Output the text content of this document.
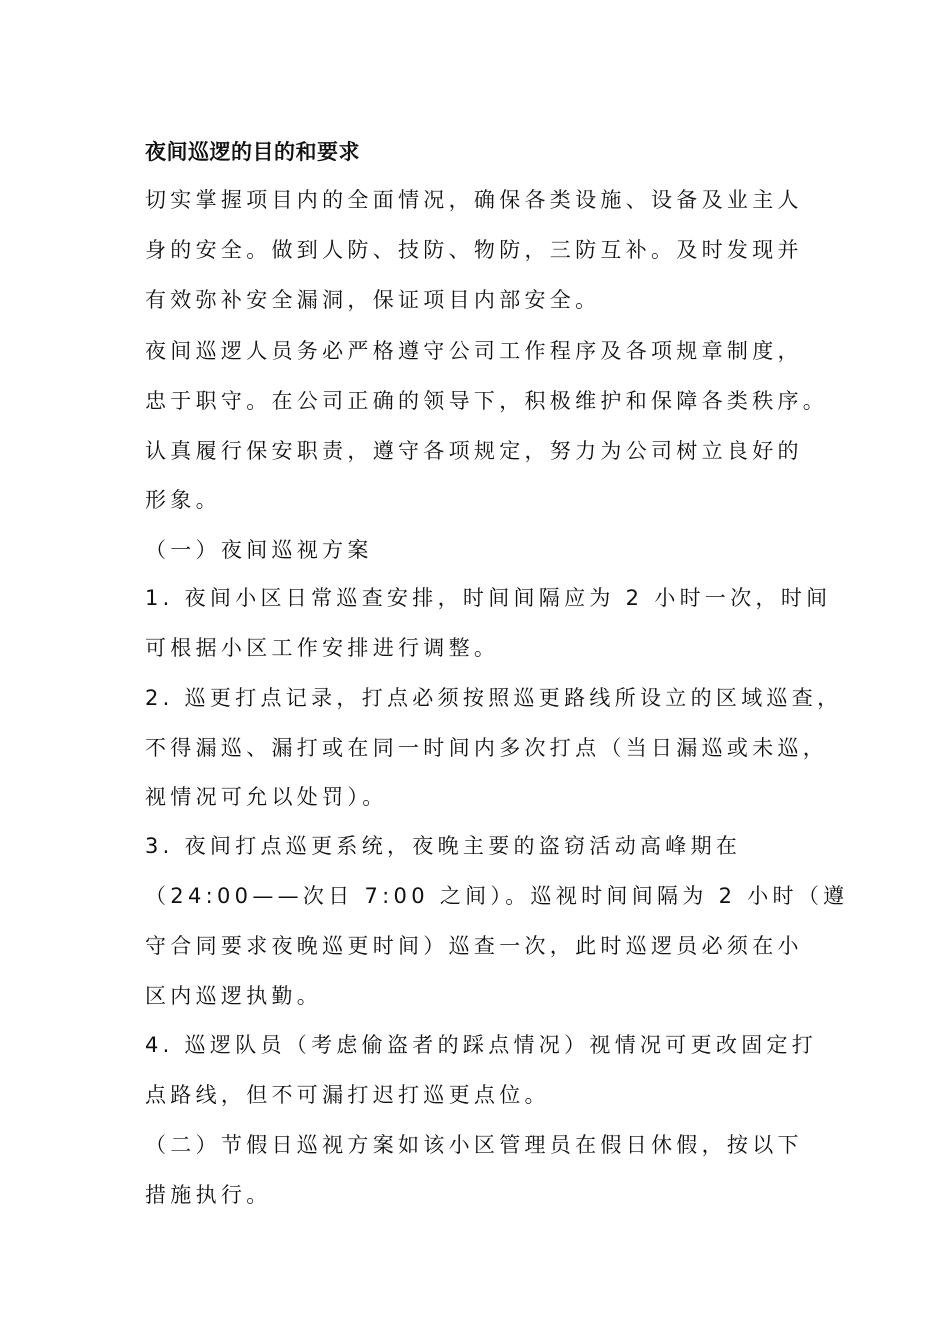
夜间巡逻的目的和要求

切实掌握项目内的全面情况，确保各类设施、设备及业主人

身的安全。做到人防、技防、物防，三防互补。及时发现并

有效弥补安全漏洞，保证项目内部安全。

夜间巡逻人员务必严格遵守公司工作程序及各项规章制度，

忠于职守。在公司正确的领导下，积极维护和保障各类秩序。

认真履行保安职责，遵守各项规定，努力为公司树立良好的

形象。

（一）夜间巡视方案

1. 夜间小区日常巡查安排，时间间隔应为 2 小时一次，时间

可根据小区工作安排进行调整。

2. 巡更打点记录，打点必须按照巡更路线所设立的区域巡查，

不得漏巡、漏打或在同一时间内多次打点（当日漏巡或未巡，

视情况可允以处罚）。

3. 夜间打点巡更系统，夜晚主要的盗窃活动高峰期在

（24:00——次日 7:00 之间）。巡视时间间隔为 2 小时（遵

守合同要求夜晚巡更时间）巡查一次，此时巡逻员必须在小

区内巡逻执勤。

4. 巡逻队员（考虑偷盗者的踩点情况）视情况可更改固定打

点路线，但不可漏打迟打巡更点位。

（二）节假日巡视方案如该小区管理员在假日休假，按以下

措施执行。
